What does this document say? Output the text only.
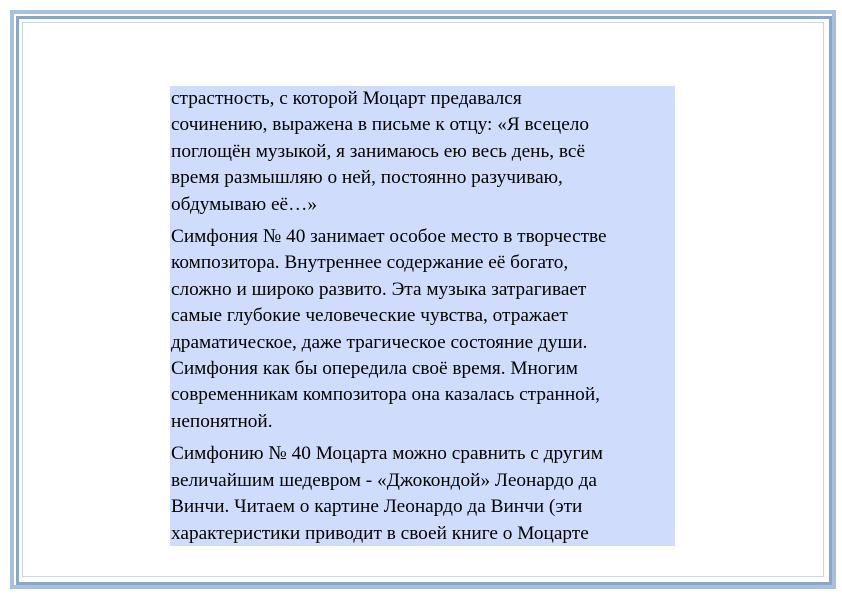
страстность, с которой Моцарт предавался
сочинению, выражена в письме к отцу: «Я всецело
поглощён музыкой, я занимаюсь ею весь день, всё
время размышляю о ней, постоянно разучиваю,
обдумываю её…»

Симфония № 40 занимает особое место в творчестве
композитора. Внутреннее содержание её богато,
сложно и широко развито. Эта музыка затрагивает
самые глубокие человеческие чувства, отражает
драматическое, даже трагическое состояние души.
Симфония как бы опередила своё время. Многим
современникам композитора она казалась странной,
непонятной.

Симфонию № 40 Моцарта можно сравнить с другим
величайшим шедевром - «Джокондой» Леонардо да
Винчи. Читаем о картине Леонардо да Винчи (эти
характеристики приводит в своей книге о Моцарте
